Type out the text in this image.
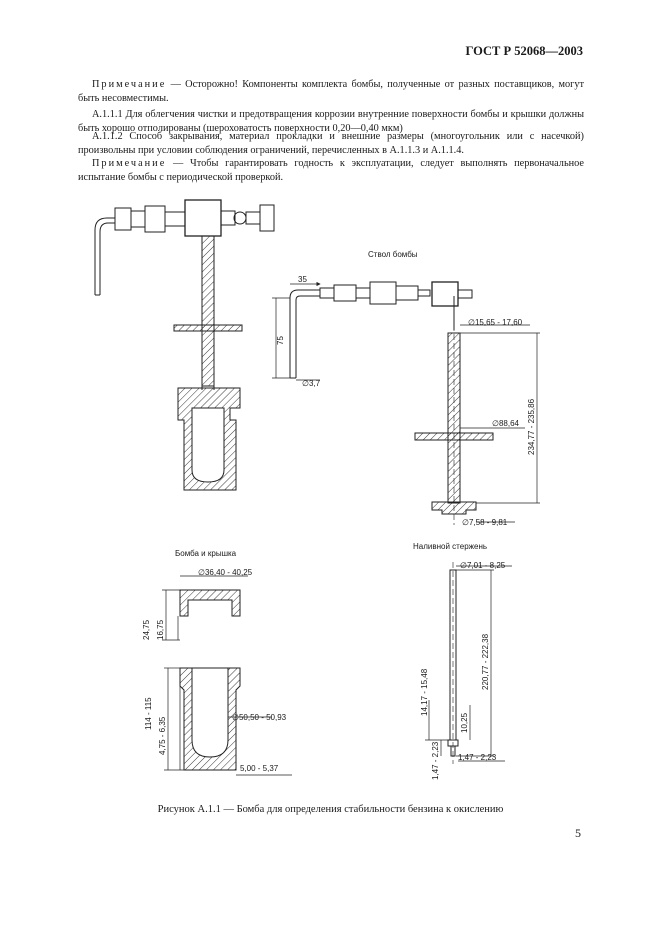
ГОСТ Р 52068—2003
Примечание — Осторожно! Компоненты комплекта бомбы, полученные от разных поставщиков, могут быть несовместимы.
А.1.1.1 Для облегчения чистки и предотвращения коррозии внутренние поверхности бомбы и крышки должны быть хорошо отполированы (шероховатость поверхности 0,20—0,40 мкм)
А.1.1.2 Способ закрывания, материал прокладки и внешние размеры (многоугольник или с насечкой) произвольны при условии соблюдения ограничений, перечисленных в А.1.1.3 и А.1.1.4.
Примечание — Чтобы гарантировать годность к эксплуатации, следует выполнять первоначальное испытание бомбы с периодической проверкой.
Ствол бомбы
Бомба и крышка
Наливной стержень
35
∅3,7
∅15,65 - 17,60
∅88,64
∅7,58 - 9,81
∅36,40 - 40,25
∅50,50 - 50,93
5,00 - 5,37
∅7,01 - 8,25
1,47 - 2,23
75
234,77 - 235,86
24,75 16,75
114 - 115
4,75 - 6,35
220,77 - 222,38
14,17 - 15,48
10,25
1,47 - 2,23
Рисунок А.1.1 — Бомба для определения стабильности бензина к окислению
5
